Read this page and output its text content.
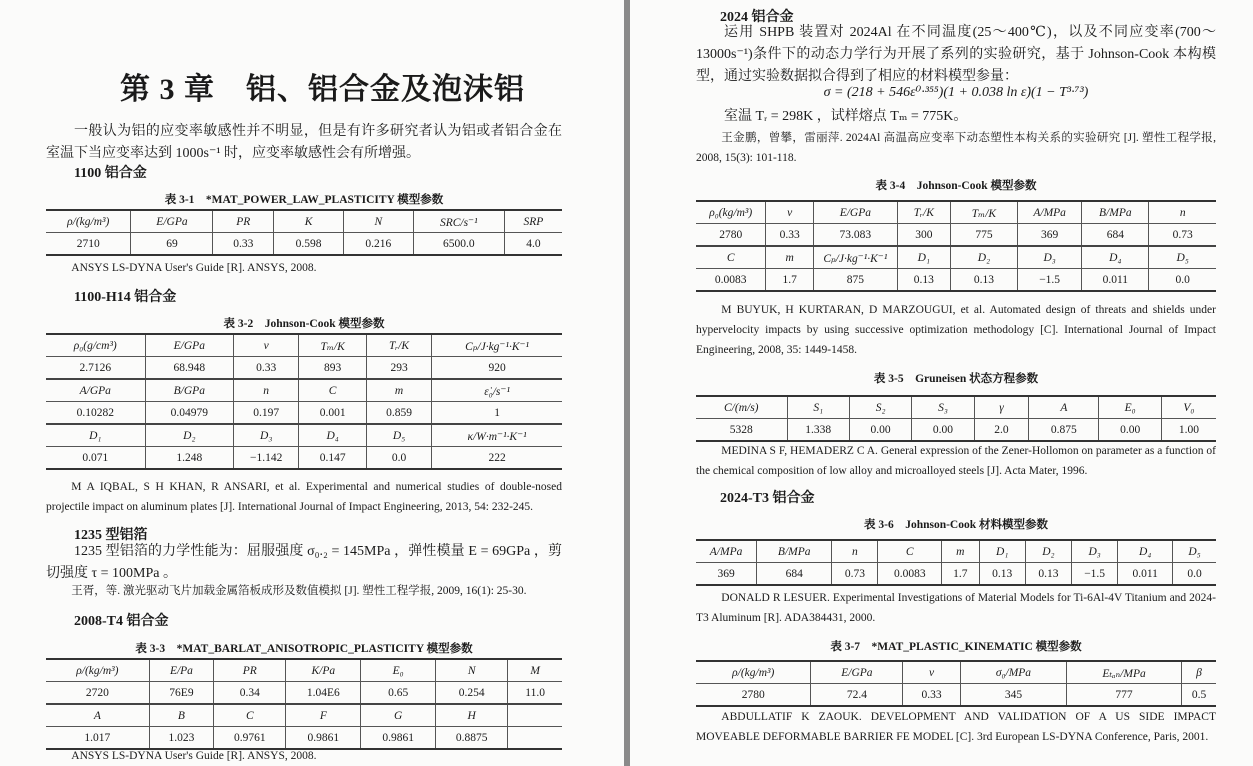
第 3 章　铝、铝合金及泡沫铝
一般认为铝的应变率敏感性并不明显，但是有许多研究者认为铝或者铝合金在室温下当应变率达到 1000s⁻¹ 时，应变率敏感性会有所增强。
1100 铝合金
表 3-1　*MAT_POWER_LAW_PLASTICITY 模型参数
ρ/(kg/m³)	E/GPa	PR	K	N	SRC/s⁻¹	SRP
2710	69	0.33	0.598	0.216	6500.0	4.0
ANSYS LS-DYNA User's Guide [R]. ANSYS, 2008.
1100-H14 铝合金
表 3-2　Johnson-Cook 模型参数
ρ₀(g/cm³)	E/GPa	ν	Tₘ/K	Tᵣ/K	Cₚ/J·kg⁻¹·K⁻¹
2.7126	68.948	0.33	893	293	920
A/GPa	B/GPa	n	C	m	ε̇₀/s⁻¹
0.10282	0.04979	0.197	0.001	0.859	1
D₁	D₂	D₃	D₄	D₅	κ/W·m⁻¹·K⁻¹
0.071	1.248	−1.142	0.147	0.0	222
M A IQBAL, S H KHAN, R ANSARI, et al. Experimental and numerical studies of double-nosed projectile impact on aluminum plates [J]. International Journal of Impact Engineering, 2013, 54: 232-245.
1235 型铝箔
1235 型铝箔的力学性能为：屈服强度 σ₀.₂ = 145MPa ，弹性模量 E = 69GPa ，剪切强度 τ = 100MPa 。
王胥，等. 激光驱动飞片加载金属箔板成形及数值模拟 [J]. 塑性工程学报, 2009, 16(1): 25-30.
2008-T4 铝合金
表 3-3　*MAT_BARLAT_ANISOTROPIC_PLASTICITY 模型参数
ρ/(kg/m³)	E/Pa	PR	K/Pa	E₀	N	M
2720	76E9	0.34	1.04E6	0.65	0.254	11.0
A	B	C	F	G	H	
1.017	1.023	0.9761	0.9861	0.9861	0.8875	
ANSYS LS-DYNA User's Guide [R]. ANSYS, 2008.
2024 铝合金
运用 SHPB 装置对 2024Al 在不同温度(25～400℃)，以及不同应变率(700～13000s⁻¹)条件下的动态力学行为开展了系列的实验研究，基于 Johnson-Cook 本构模型，通过实验数据拟合得到了相应的材料模型参量：
σ = (218 + 546ε⁰·³⁵⁵)(1 + 0.038 ln ε̇)(1 − T³·⁷³)
室温 Tᵣ = 298K ，试样熔点 Tₘ = 775K。
王金鹏，曾攀，雷丽萍. 2024Al 高温高应变率下动态塑性本构关系的实验研究 [J]. 塑性工程学报, 2008, 15(3): 101-118.
表 3-4　Johnson-Cook 模型参数
ρ₀(kg/m³)	ν	E/GPa	Tᵣ/K	Tₘ/K	A/MPa	B/MPa	n
2780	0.33	73.083	300	775	369	684	0.73
C	m	Cₚ/J·kg⁻¹·K⁻¹	D₁	D₂	D₃	D₄	D₅
0.0083	1.7	875	0.13	0.13	−1.5	0.011	0.0
M BUYUK, H KURTARAN, D MARZOUGUI, et al. Automated design of threats and shields under hypervelocity impacts by using successive optimization methodology [C]. International Journal of Impact Engineering, 2008, 35: 1449-1458.
表 3-5　Gruneisen 状态方程参数
C/(m/s)	S₁	S₂	S₃	γ	A	E₀	V₀
5328	1.338	0.00	0.00	2.0	0.875	0.00	1.00
MEDINA S F, HEMADERZ C A. General expression of the Zener-Hollomon on parameter as a function of the chemical composition of low alloy and microalloyed steels [J]. Acta Mater, 1996.
2024-T3 铝合金
表 3-6　Johnson-Cook 材料模型参数
A/MPa	B/MPa	n	C	m	D₁	D₂	D₃	D₄	D₅
369	684	0.73	0.0083	1.7	0.13	0.13	−1.5	0.011	0.0
DONALD R LESUER. Experimental Investigations of Material Models for Ti-6Al-4V Titanium and 2024-T3 Aluminum [R]. ADA384431, 2000.
表 3-7　*MAT_PLASTIC_KINEMATIC 模型参数
ρ/(kg/m³)	E/GPa	ν	σ₀/MPa	Eₜₐₙ/MPa	β
2780	72.4	0.33	345	777	0.5
ABDULLATIF K ZAOUK. DEVELOPMENT AND VALIDATION OF A US SIDE IMPACT MOVEABLE DEFORMABLE BARRIER FE MODEL [C]. 3rd European LS-DYNA Conference, Paris, 2001.
